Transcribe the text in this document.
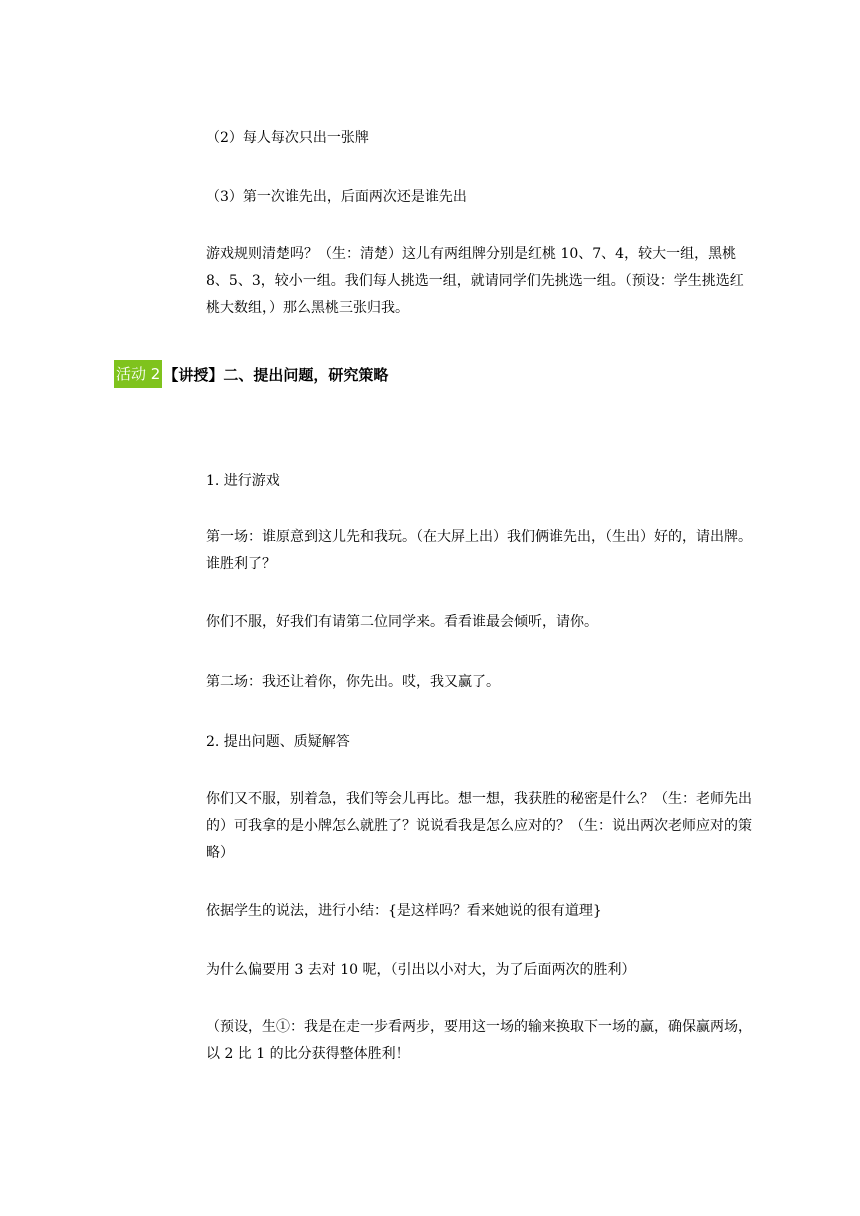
（2）每人每次只出一张牌

（3）第一次谁先出，后面两次还是谁先出

游戏规则清楚吗？（生：清楚）这儿有两组牌分别是红桃 10、7、4，较大一组，黑桃 8、5、3，较小一组。我们每人挑选一组，就请同学们先挑选一组。（预设：学生挑选红桃大数组，）那么黑桃三张归我。

活动 2 【讲授】二、提出问题，研究策略

1. 进行游戏

第一场：谁原意到这儿先和我玩。（在大屏上出）我们俩谁先出，（生出）好的，请出牌。谁胜利了？

你们不服，好我们有请第二位同学来。看看谁最会倾听，请你。

第二场：我还让着你，你先出。哎，我又赢了。

2. 提出问题、质疑解答

你们又不服，别着急，我们等会儿再比。想一想，我获胜的秘密是什么？（生：老师先出的）可我拿的是小牌怎么就胜了？说说看我是怎么应对的？（生：说出两次老师应对的策略）

依据学生的说法，进行小结：{是这样吗？看来她说的很有道理}

为什么偏要用 3 去对 10 呢，（引出以小对大，为了后面两次的胜利）

（预设，生①：我是在走一步看两步，要用这一场的输来换取下一场的赢，确保赢两场，以 2 比 1 的比分获得整体胜利！
